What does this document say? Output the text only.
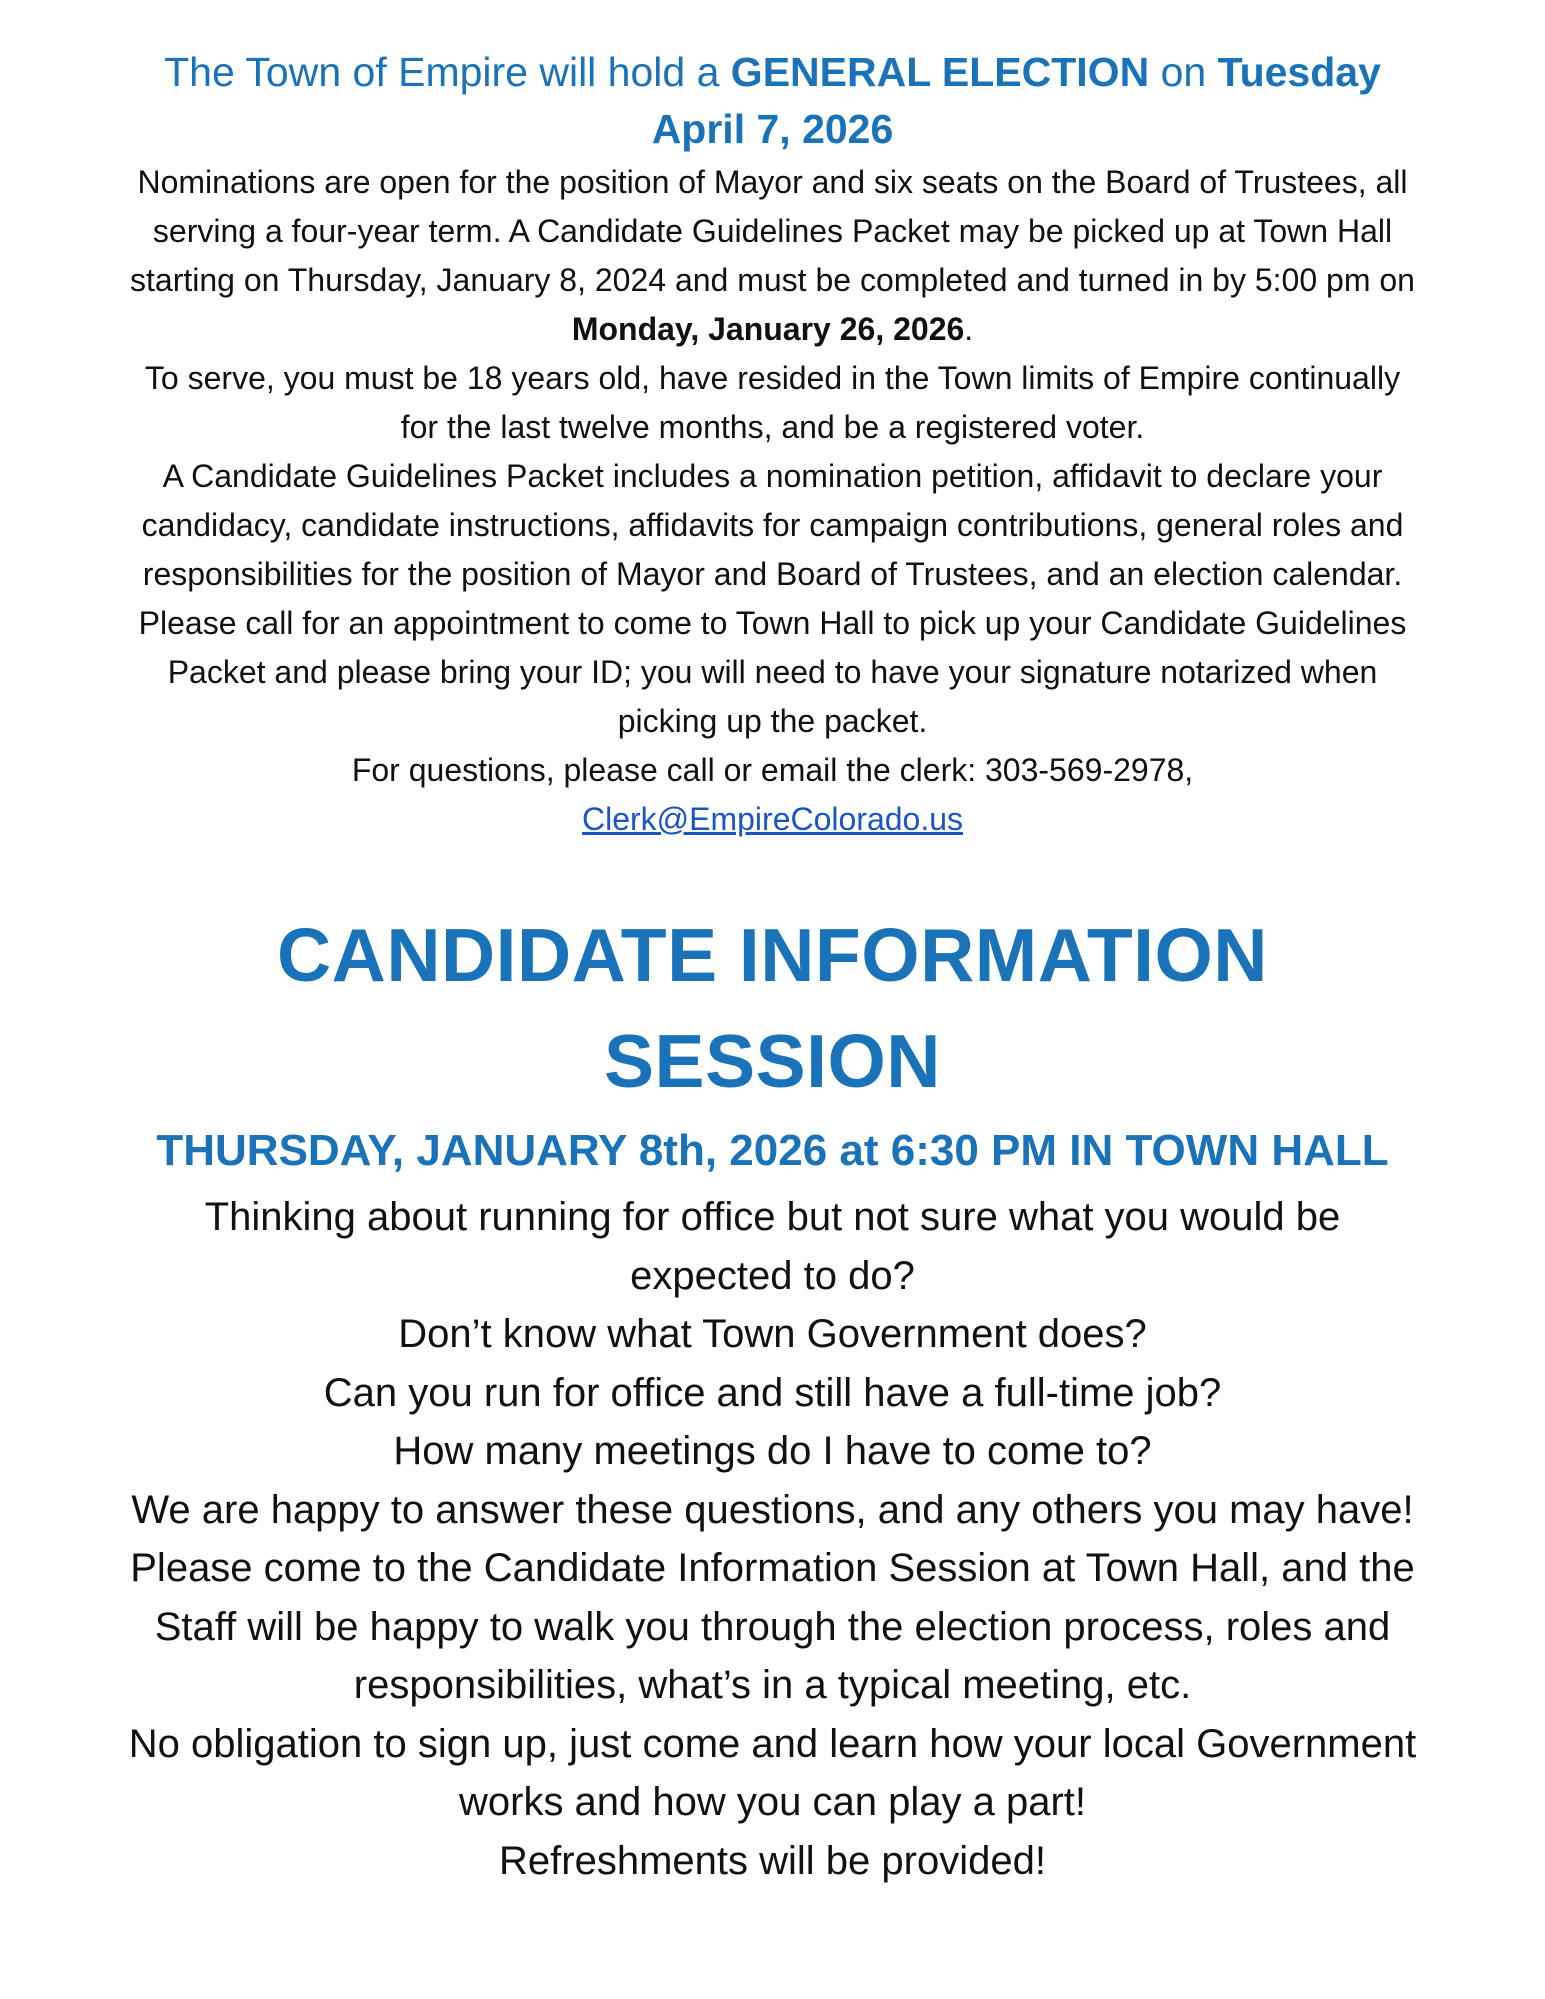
The Town of Empire will hold a GENERAL ELECTION on Tuesday
April 7, 2026

Nominations are open for the position of Mayor and six seats on the Board of Trustees, all serving a four-year term. A Candidate Guidelines Packet may be picked up at Town Hall starting on Thursday, January 8, 2024 and must be completed and turned in by 5:00 pm on Monday, January 26, 2026.

To serve, you must be 18 years old, have resided in the Town limits of Empire continually for the last twelve months, and be a registered voter.

A Candidate Guidelines Packet includes a nomination petition, affidavit to declare your candidacy, candidate instructions, affidavits for campaign contributions, general roles and responsibilities for the position of Mayor and Board of Trustees, and an election calendar.

Please call for an appointment to come to Town Hall to pick up your Candidate Guidelines Packet and please bring your ID; you will need to have your signature notarized when picking up the packet.

For questions, please call or email the clerk: 303-569-2978,

Clerk@EmpireColorado.us

CANDIDATE INFORMATION SESSION
THURSDAY, JANUARY 8th, 2026 at 6:30 PM IN TOWN HALL

Thinking about running for office but not sure what you would be expected to do?

Don’t know what Town Government does?

Can you run for office and still have a full-time job?

How many meetings do I have to come to?

We are happy to answer these questions, and any others you may have! Please come to the Candidate Information Session at Town Hall, and the Staff will be happy to walk you through the election process, roles and responsibilities, what’s in a typical meeting, etc.

No obligation to sign up, just come and learn how your local Government works and how you can play a part!

Refreshments will be provided!
